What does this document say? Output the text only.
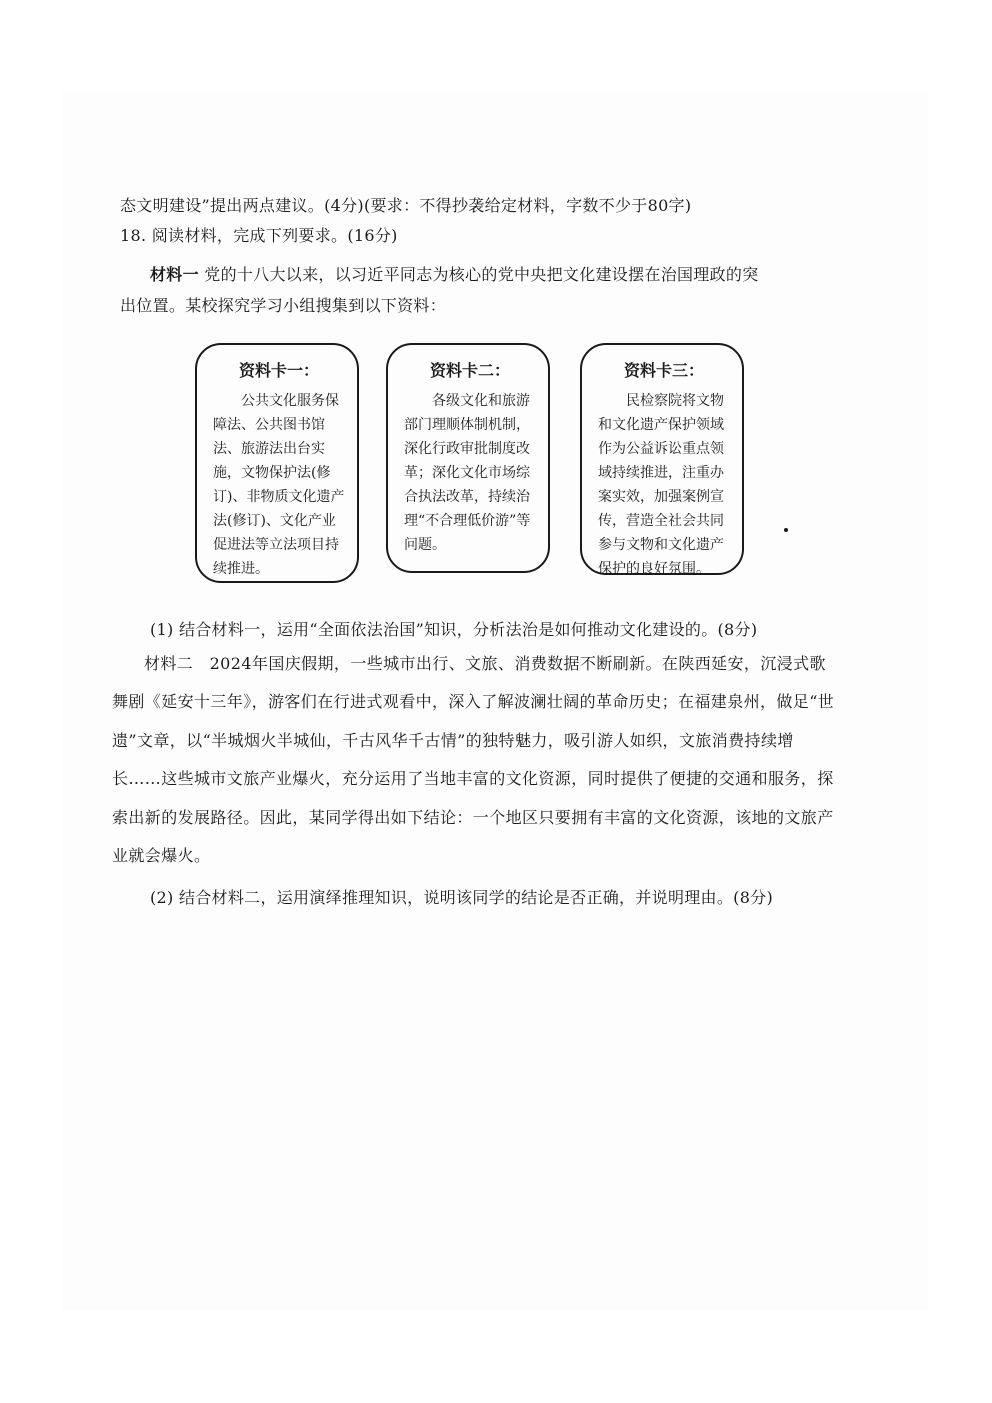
态文明建设”提出两点建议。(4分)(要求：不得抄袭给定材料，字数不少于80字)
18. 阅读材料，完成下列要求。(16分)
材料一 党的十八大以来，以习近平同志为核心的党中央把文化建设摆在治国理政的突
出位置。某校探究学习小组搜集到以下资料：
资料卡一：
公共文化服务保障法、公共图书馆法、旅游法出台实施，文物保护法(修订)、非物质文化遗产法(修订)、文化产业促进法等立法项目持续推进。
资料卡二：
各级文化和旅游部门理顺体制机制，深化行政审批制度改革；深化文化市场综合执法改革，持续治理“不合理低价游”等问题。
资料卡三：
民检察院将文物和文化遗产保护领域作为公益诉讼重点领域持续推进，注重办案实效，加强案例宣传，营造全社会共同参与文物和文化遗产保护的良好氛围。
(1) 结合材料一，运用“全面依法治国”知识，分析法治是如何推动文化建设的。(8分)
材料二　2024年国庆假期，一些城市出行、文旅、消费数据不断刷新。在陕西延安，沉浸式歌舞剧《延安十三年》，游客们在行进式观看中，深入了解波澜壮阔的革命历史；在福建泉州，做足“世遗”文章，以“半城烟火半城仙，千古风华千古情”的独特魅力，吸引游人如织，文旅消费持续增长……这些城市文旅产业爆火，充分运用了当地丰富的文化资源，同时提供了便捷的交通和服务，探索出新的发展路径。因此，某同学得出如下结论：一个地区只要拥有丰富的文化资源，该地的文旅产业就会爆火。
(2) 结合材料二，运用演绎推理知识，说明该同学的结论是否正确，并说明理由。(8分)
